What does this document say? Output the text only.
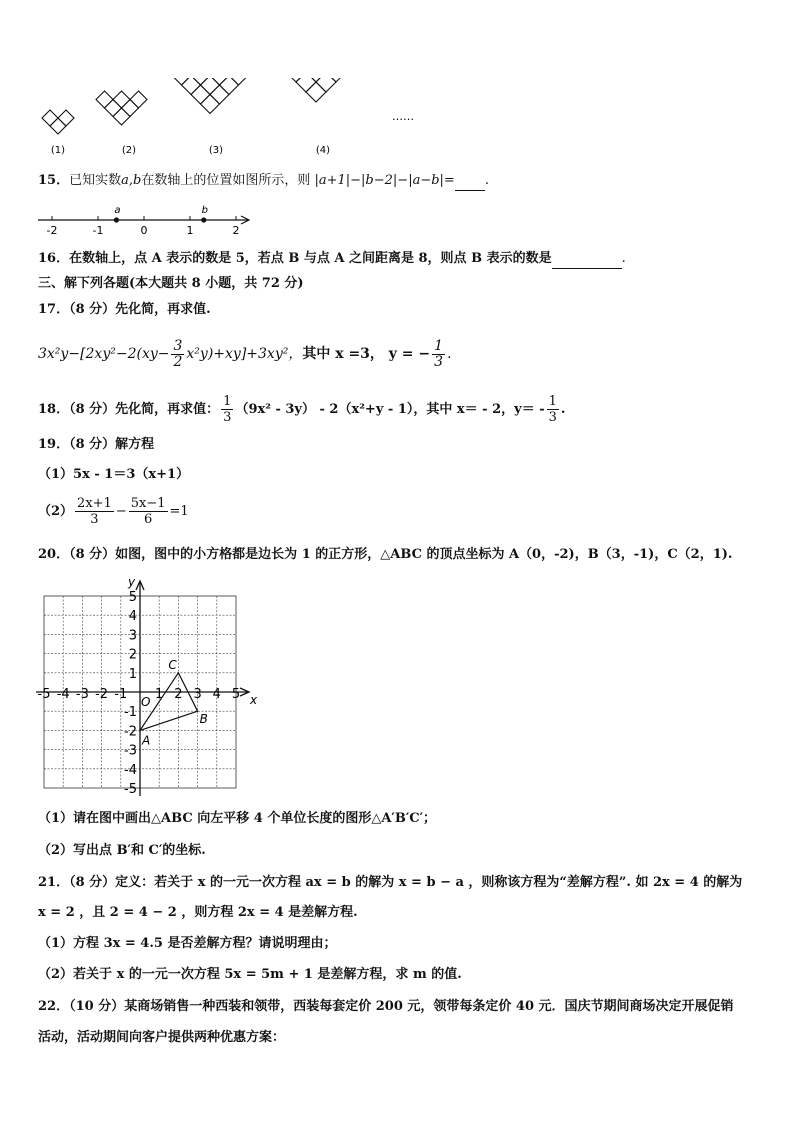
(1)	(2)	(3)	(4)
……
15．已知实数a,b在数轴上的位置如图所示，则 |a+1|−|b−2|−|a−b|= .
-2	-1	0	1	2
a	b
16．在数轴上，点 A 表示的数是 5，若点 B 与点 A 之间距离是 8，则点 B 表示的数是	.
三、解下列各题(本大题共 8 小题，共 72 分)
17．（8 分）先化简，再求值.
$3x^2y-[2xy^2-2(xy- \frac{3}{2} x^2y)+xy]+3xy^2$，其中 x =3， y = − $\frac{1}{3}$ .
18．（8 分）先化简，再求值： $\frac{1}{3} (9x^2 - 3y) - 2(x^2+y - 1)$，其中 x＝ - 2，$y= - \frac{1}{3}$ .
19．（8 分）解方程
（1）5x - 1＝3（x+1）
$(2) \frac{2x+1}{3} - \frac{5x-1}{6} =1$
20．（8 分）如图，图中的小方格都是边长为 1 的正方形，△ABC 的顶点坐标为 A（0，-2)，B（3，-1)，C（2，1).
x
y
O
-5 -4 -3 -2 -1 1 2 3 4 5
5
4
3
2
1
-1
-2
-3
-4
-5
A
B
C
（1）请在图中画出△ABC 向左平移 4 个单位长度的图形△A′B′C′；
（2）写出点 B′和 C′的坐标.
21．（8 分）定义：若关于 x 的一元一次方程 ax = b 的解为 x = b − a ，则称该方程为“差解方程”. 如 2x = 4 的解为
x = 2 ，且 2 = 4 − 2 ，则方程 2x = 4 是差解方程.
（1）方程 3x = 4.5 是否差解方程？请说明理由；
（2）若关于 x 的一元一次方程 5x = 5m + 1 是差解方程，求 m 的值.
22．（10 分）某商场销售一种西装和领带，西装每套定价 200 元，领带每条定价 40 元．国庆节期间商场决定开展促销
活动，活动期间向客户提供两种优惠方案：
